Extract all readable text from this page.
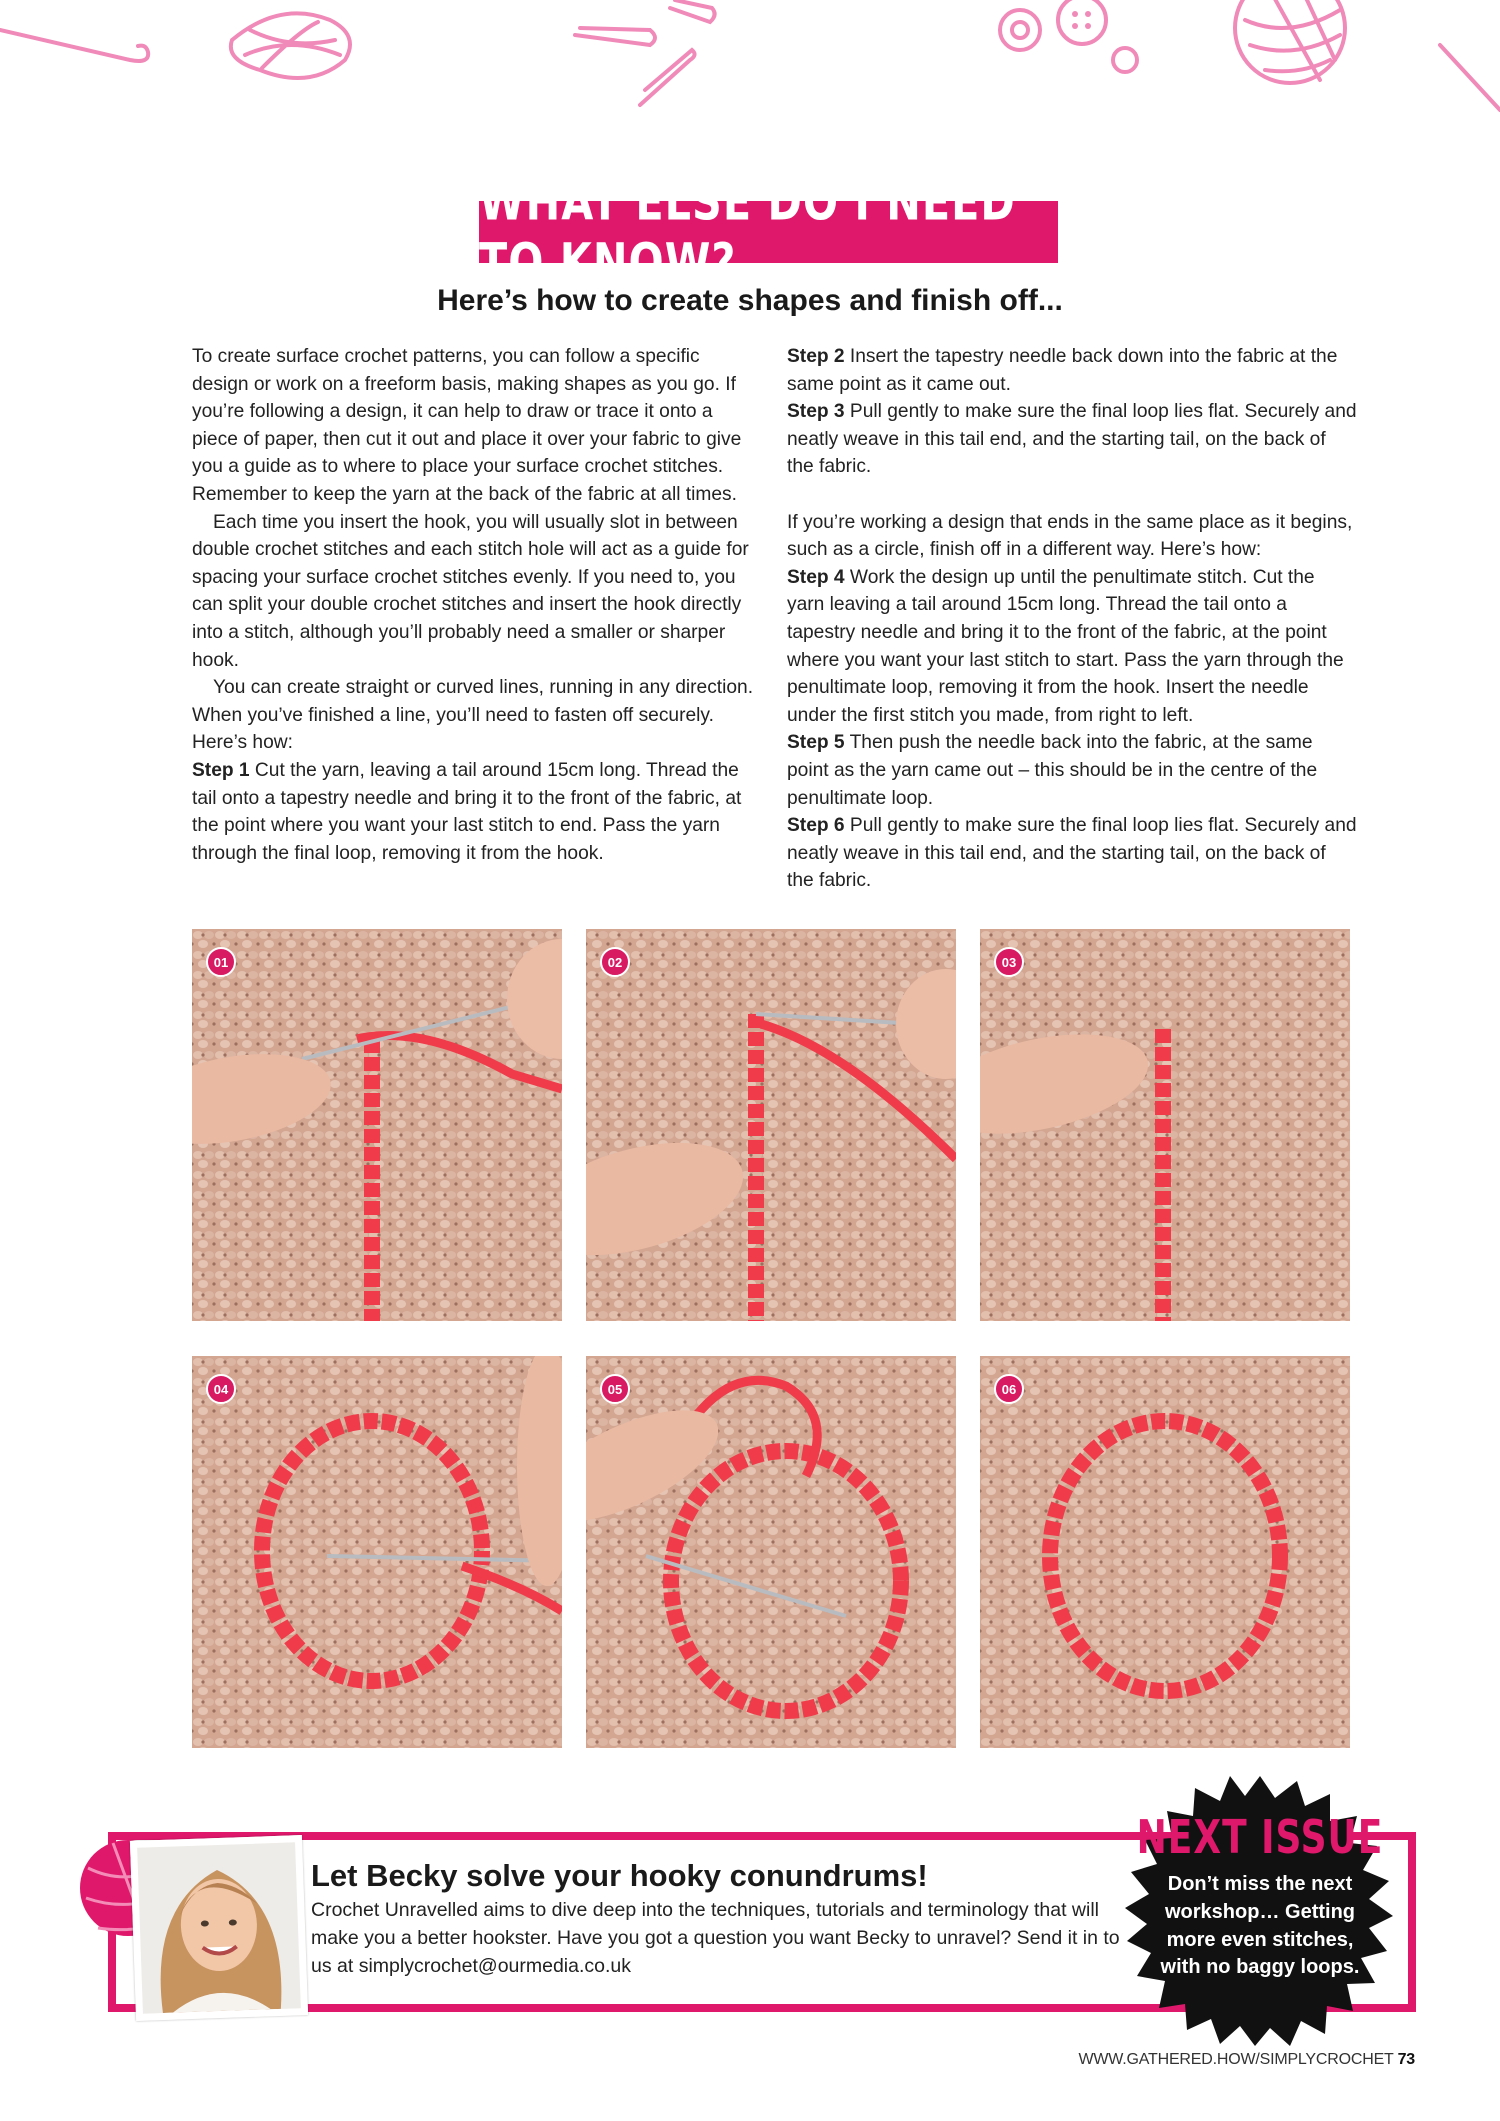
WHAT ELSE DO I NEED TO KNOW?
Here’s how to create shapes and finish off...

To create surface crochet patterns, you can follow a specific design or work on a freeform basis, making shapes as you go. If you’re following a design, it can help to draw or trace it onto a piece of paper, then cut it out and place it over your fabric to give you a guide as to where to place your surface crochet stitches. Remember to keep the yarn at the back of the fabric at all times.

Each time you insert the hook, you will usually slot in between double crochet stitches and each stitch hole will act as a guide for spacing your surface crochet stitches evenly. If you need to, you can split your double crochet stitches and insert the hook directly into a stitch, although you’ll probably need a smaller or sharper hook.

You can create straight or curved lines, running in any direction. When you’ve finished a line, you’ll need to fasten off securely. Here’s how:

Step 1 Cut the yarn, leaving a tail around 15cm long. Thread the tail onto a tapestry needle and bring it to the front of the fabric, at the point where you want your last stitch to end. Pass the yarn through the final loop, removing it from the hook.

Step 2 Insert the tapestry needle back down into the fabric at the same point as it came out.

Step 3 Pull gently to make sure the final loop lies flat. Securely and neatly weave in this tail end, and the starting tail, on the back of the fabric.

If you’re working a design that ends in the same place as it begins, such as a circle, finish off in a different way. Here’s how:

Step 4 Work the design up until the penultimate stitch. Cut the yarn leaving a tail around 15cm long. Thread the tail onto a tapestry needle and bring it to the front of the fabric, at the point where you want your last stitch to start. Pass the yarn through the penultimate loop, removing it from the hook. Insert the needle under the first stitch you made, from right to left.

Step 5 Then push the needle back into the fabric, at the same point as the yarn came out – this should be in the centre of the penultimate loop.

Step 6 Pull gently to make sure the final loop lies flat. Securely and neatly weave in this tail end, and the starting tail, on the back of the fabric.

01	02	03
04	05	06
Let Becky solve your hooky conundrums!
Crochet Unravelled aims to dive deep into the techniques, tutorials and terminology that will make you a better hookster. Have you got a question you want Becky to unravel? Send it in to us at simplycrochet@ourmedia.co.uk
NEXT ISSUE
Don’t miss the next workshop… Getting more even stitches, with no baggy loops.
WWW.GATHERED.HOW/SIMPLYCROCHET 73
